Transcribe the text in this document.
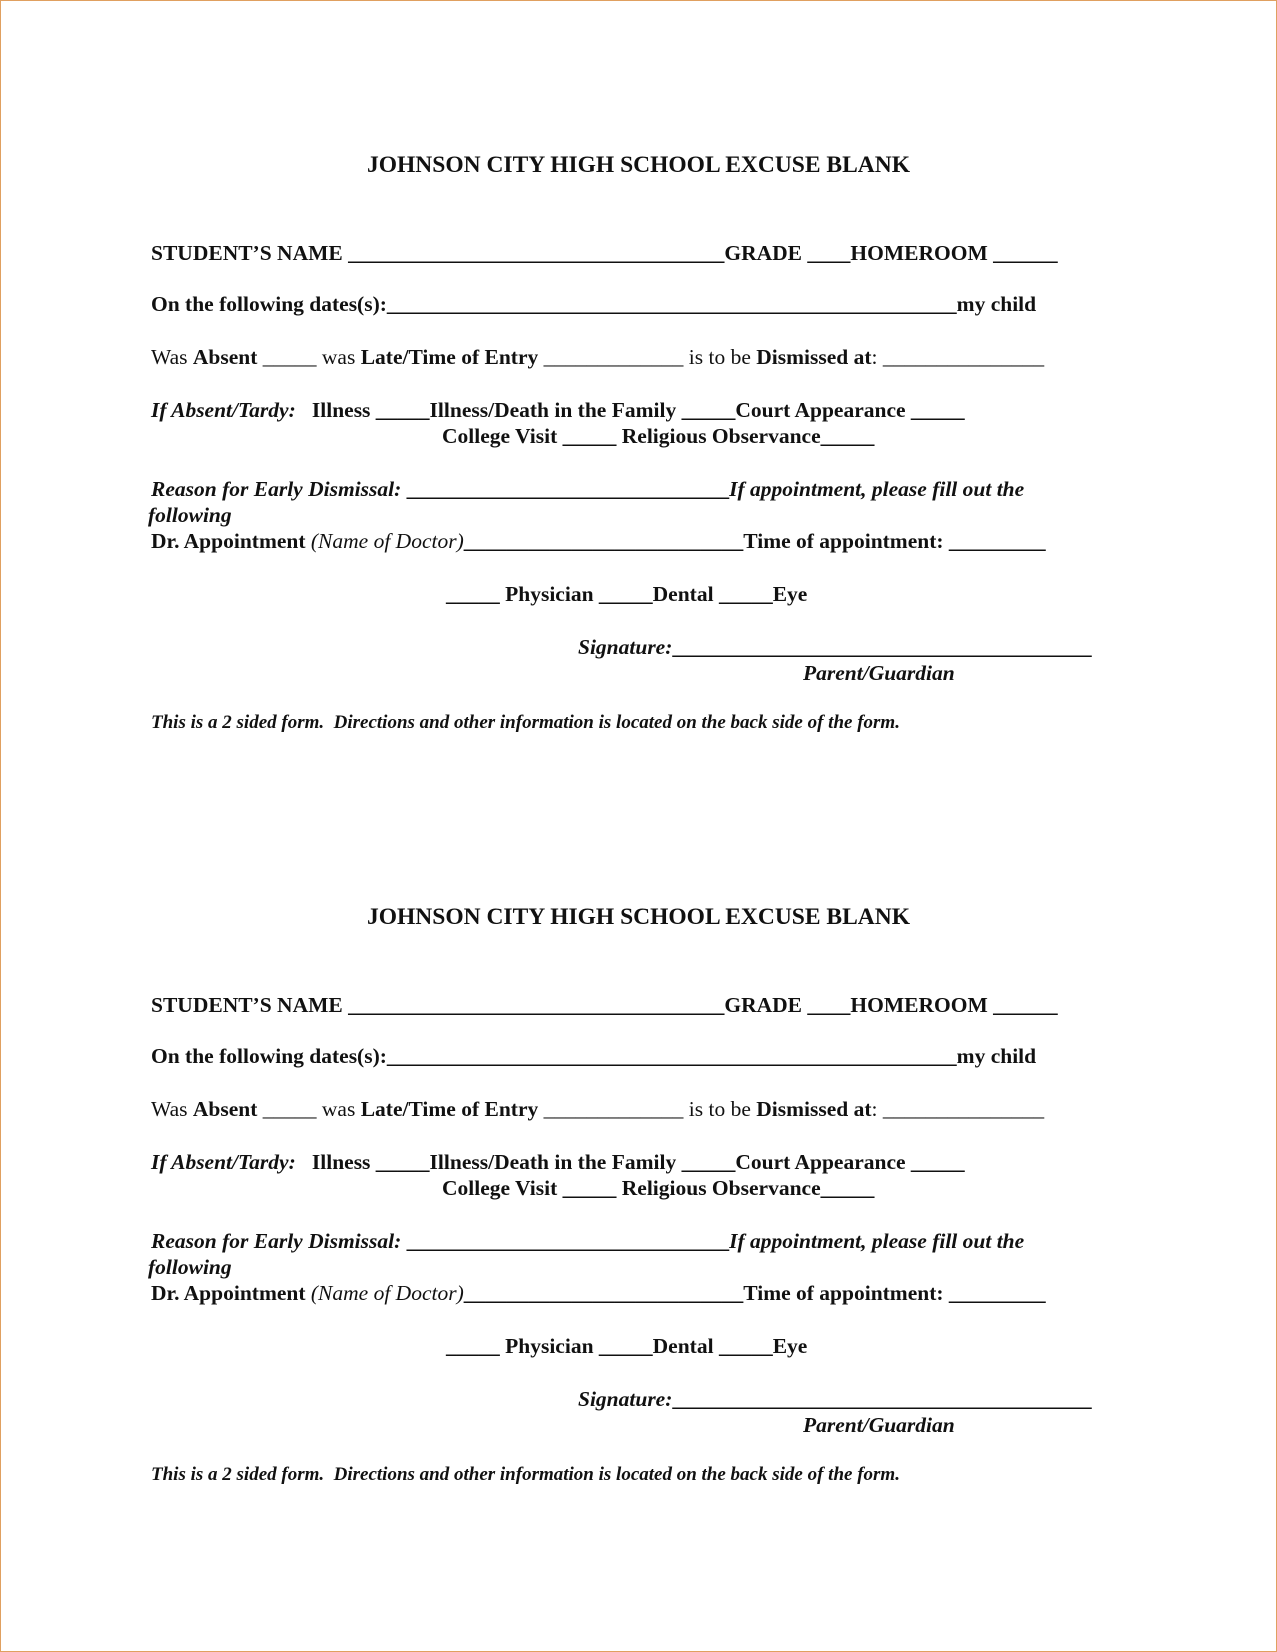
JOHNSON CITY HIGH SCHOOL EXCUSE BLANK
STUDENT’S NAME ___________________________________GRADE ____HOMEROOM ______
On the following dates(s):_____________________________________________________my child
Was Absent _____ was Late/Time of Entry _____________ is to be Dismissed at: _______________
If Absent/Tardy:   Illness _____Illness/Death in the Family _____Court Appearance _____
College Visit _____ Religious Observance_____
Reason for Early Dismissal: ______________________________If appointment, please fill out the
following
Dr. Appointment (Name of Doctor)__________________________Time of appointment: _________
_____ Physician _____Dental _____Eye
Signature:_______________________________________
Parent/Guardian
This is a 2 sided form.  Directions and other information is located on the back side of the form.
JOHNSON CITY HIGH SCHOOL EXCUSE BLANK
STUDENT’S NAME ___________________________________GRADE ____HOMEROOM ______
On the following dates(s):_____________________________________________________my child
Was Absent _____ was Late/Time of Entry _____________ is to be Dismissed at: _______________
If Absent/Tardy:   Illness _____Illness/Death in the Family _____Court Appearance _____
College Visit _____ Religious Observance_____
Reason for Early Dismissal: ______________________________If appointment, please fill out the
following
Dr. Appointment (Name of Doctor)__________________________Time of appointment: _________
_____ Physician _____Dental _____Eye
Signature:_______________________________________
Parent/Guardian
This is a 2 sided form.  Directions and other information is located on the back side of the form.
